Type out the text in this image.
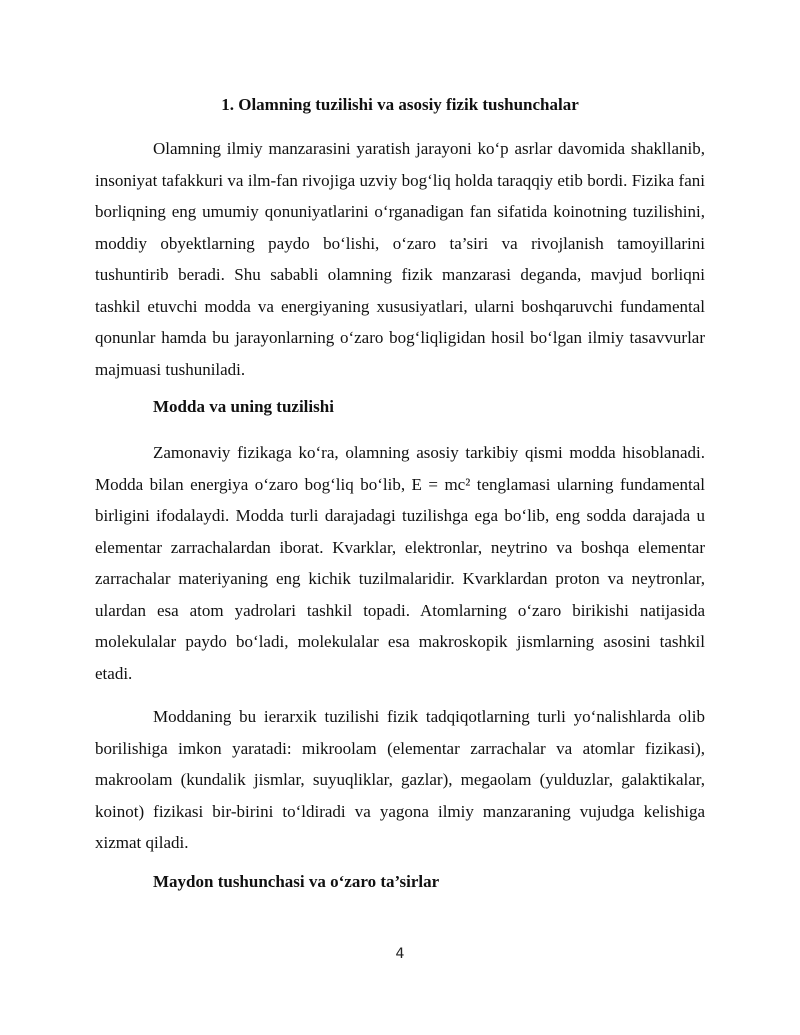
1. Olamning tuzilishi va asosiy fizik tushunchalar

Olamning ilmiy manzarasini yaratish jarayoni ko‘p asrlar davomida shakllanib, insoniyat tafakkuri va ilm-fan rivojiga uzviy bog‘liq holda taraqqiy etib bordi. Fizika fani borliqning eng umumiy qonuniyatlarini o‘rganadigan fan sifatida koinotning tuzilishini, moddiy obyektlarning paydo bo‘lishi, o‘zaro ta’siri va rivojlanish tamoyillarini tushuntirib beradi. Shu sababli olamning fizik manzarasi deganda, mavjud borliqni tashkil etuvchi modda va energiyaning xususiyatlari, ularni boshqaruvchi fundamental qonunlar hamda bu jarayonlarning o‘zaro bog‘liqligidan hosil bo‘lgan ilmiy tasavvurlar majmuasi tushuniladi.

Modda va uning tuzilishi

Zamonaviy fizikaga ko‘ra, olamning asosiy tarkibiy qismi modda hisoblanadi. Modda bilan energiya o‘zaro bog‘liq bo‘lib, E = mc² tenglamasi ularning fundamental birligini ifodalaydi. Modda turli darajadagi tuzilishga ega bo‘lib, eng sodda darajada u elementar zarrachalardan iborat. Kvarklar, elektronlar, neytrino va boshqa elementar zarrachalar materiyaning eng kichik tuzilmalaridir. Kvarklardan proton va neytronlar, ulardan esa atom yadrolari tashkil topadi. Atomlarning o‘zaro birikishi natijasida molekulalar paydo bo‘ladi, molekulalar esa makroskopik jismlarning asosini tashkil etadi.

Moddaning bu ierarxik tuzilishi fizik tadqiqotlarning turli yo‘nalishlarda olib borilishiga imkon yaratadi: mikroolam (elementar zarrachalar va atomlar fizikasi), makroolam (kundalik jismlar, suyuqliklar, gazlar), megaolam (yulduzlar, galaktikalar, koinot) fizikasi bir-birini to‘ldiradi va yagona ilmiy manzaraning vujudga kelishiga xizmat qiladi.

Maydon tushunchasi va o‘zaro ta’sirlar
4
